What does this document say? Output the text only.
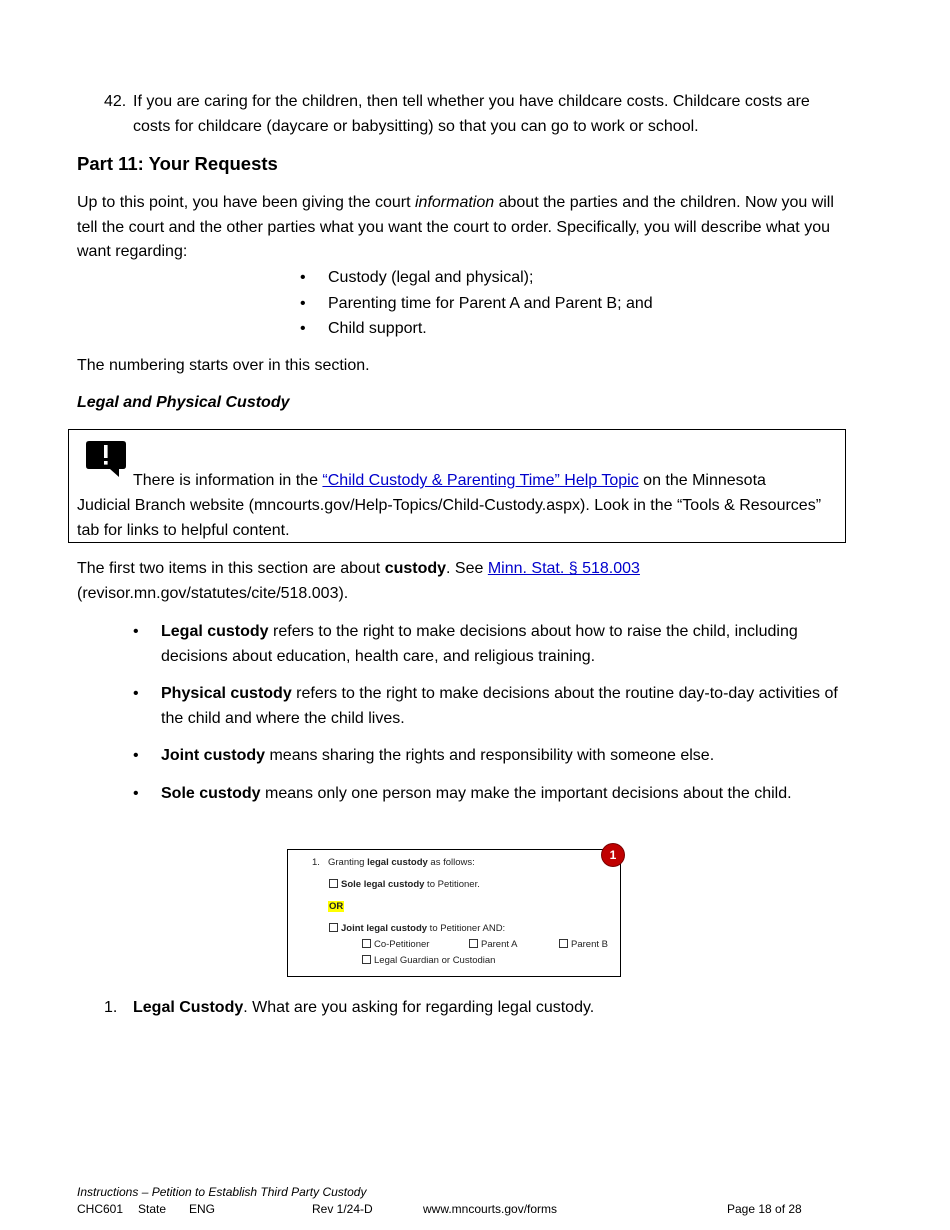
42. If you are caring for the children, then tell whether you have childcare costs. Childcare costs are costs for childcare (daycare or babysitting) so that you can go to work or school.
Part 11: Your Requests

Up to this point, you have been giving the court information about the parties and the children. Now you will tell the court and the other parties what you want the court to order. Specifically, you will describe what you want regarding:

• Custody (legal and physical);
• Parenting time for Parent A and Parent B; and
• Child support.

The numbering starts over in this section.

Legal and Physical Custody

There is information in the “Child Custody & Parenting Time” Help Topic on the Minnesota
Judicial Branch website (mncourts.gov/Help-Topics/Child-Custody.aspx). Look in the “Tools & Resources” tab for links to helpful content.

The first two items in this section are about custody. See Minn. Stat. § 518.003
(revisor.mn.gov/statutes/cite/518.003).

• Legal custody refers to the right to make decisions about how to raise the child, including decisions about education, health care, and religious training.
• Physical custody refers to the right to make decisions about the routine day-to-day activities of the child and where the child lives.
• Joint custody means sharing the rights and responsibility with someone else.
• Sole custody means only one person may make the important decisions about the child.
1. Granting legal custody as follows:
Sole legal custody to Petitioner.
OR
Joint legal custody to Petitioner AND:
Co-Petitioner	Parent A	Parent B
Legal Guardian or Custodian
1
1. Legal Custody. What are you asking for regarding legal custody.
Instructions – Petition to Establish Third Party Custody
CHC601 State ENG	Rev 1/24-D	www.mncourts.gov/forms	Page 18 of 28
